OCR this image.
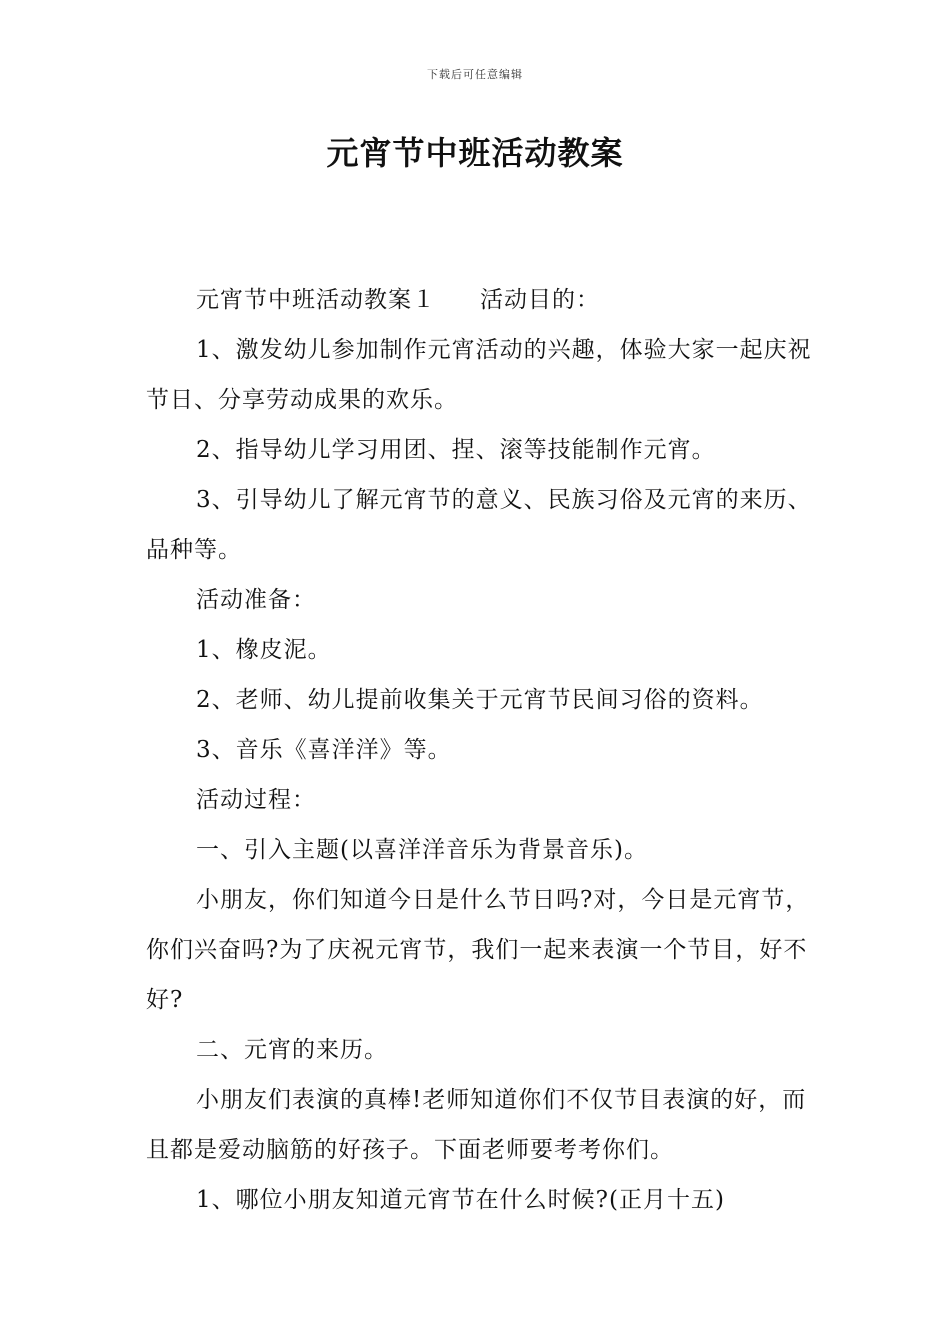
下载后可任意编辑
元宵节中班活动教案

元宵节中班活动教案１ 活动目的：

1、激发幼儿参加制作元宵活动的兴趣，体验大家一起庆祝节日、分享劳动成果的欢乐。

2、指导幼儿学习用团、捏、滚等技能制作元宵。

3、引导幼儿了解元宵节的意义、民族习俗及元宵的来历、品种等。

活动准备：

1、橡皮泥。

2、老师、幼儿提前收集关于元宵节民间习俗的资料。

3、音乐《喜洋洋》等。

活动过程：

一、引入主题(以喜洋洋音乐为背景音乐)。

小朋友，你们知道今日是什么节日吗?对，今日是元宵节，你们兴奋吗?为了庆祝元宵节，我们一起来表演一个节目，好不好?

二、元宵的来历。

小朋友们表演的真棒!老师知道你们不仅节目表演的好，而且都是爱动脑筋的好孩子。下面老师要考考你们。

1、哪位小朋友知道元宵节在什么时候?(正月十五)
